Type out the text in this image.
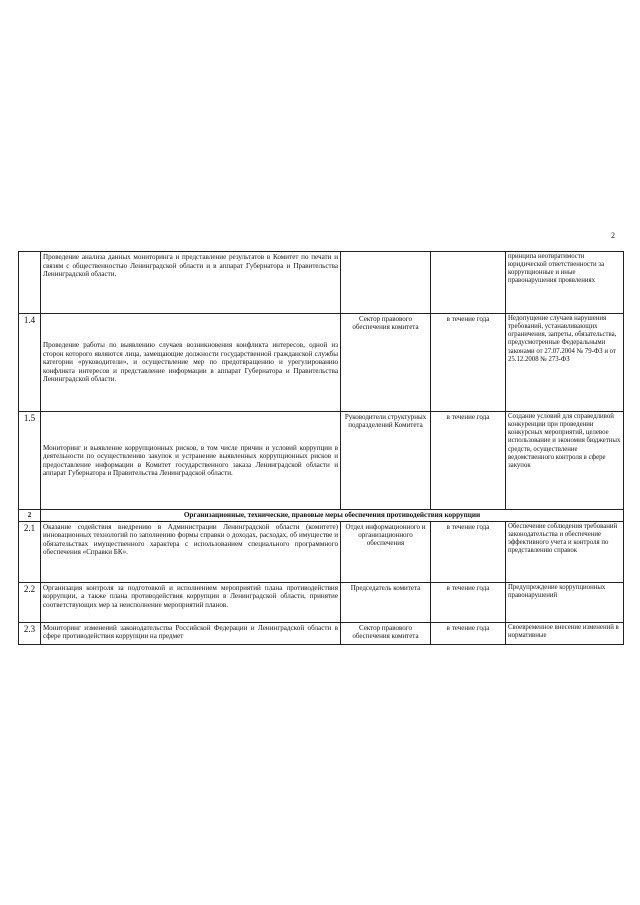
2
	Проведение анализа данных мониторинга и представление результатов в Комитет по печати и связям с общественностью Ленинградской области и в аппарат Губернатора и Правительства Ленинградской области.			принципа неотвратимости юридической ответственности за коррупционные и иные правонарушения проявлениях
1.4	Проведение работы по выявлению случаев возникновения конфликта интересов, одной из сторон которого являются лица, замещающие должности государственной гражданской службы категории «руководители», и осуществление мер по предотвращению и урегулированию конфликта интересов и представление информации в аппарат Губернатора и Правительства Ленинградской области.	Сектор правового обеспечения комитета	в течение года	Недопущение случаев нарушения требований, устанавливающих ограничения, запреты, обязательства, предусмотренные Федеральными законами от 27.07.2004 № 79-ФЗ и от 25.12.2008 № 273-ФЗ
1.5	Мониторинг и выявление коррупционных рисков, в том числе причин и условий коррупции в деятельности по осуществлению закупок и устранение выявленных коррупционных рисков и предоставление информации в Комитет государственного заказа Ленинградской области и аппарат Губернатора и Правительства Ленинградской области.	Руководители структурных подразделений Комитета	в течение года	Создание условий для справедливой конкуренции при проведении конкурсных мероприятий, целевое использование и экономия бюджетных средств, осуществление ведомственного контроля в сфере закупок
2	Организационные, технические, правовые меры обеспечения противодействия коррупции			
2.1	Оказание содействия внедрению в Администрации Ленинградской области (комитете) инновационных технологий по заполнению формы справки о доходах, расходах, об имуществе и обязательствах имущественного характера с использованием специального программного обеспечения «Справки БК».	Отдел информационного и организационного обеспечения	в течение года	Обеспечение соблюдения требований законодательства и обеспечение эффективного учета и контроля по представлению справок
2.2	Организация контроля за подготовкой и исполнением мероприятий плана противодействия коррупции, а также плана противодействия коррупции в Ленинградской области, принятие соответствующих мер за неисполнение мероприятий планов.	Председатель комитета	в течение года	Предупреждение коррупционных правонарушений
2.3	Мониторинг изменений законодательства Российской Федерации и Ленинградской области в сфере противодействия коррупции на предмет	Сектор правового обеспечения комитета	в течение года	Своевременное внесение изменений в нормативные
